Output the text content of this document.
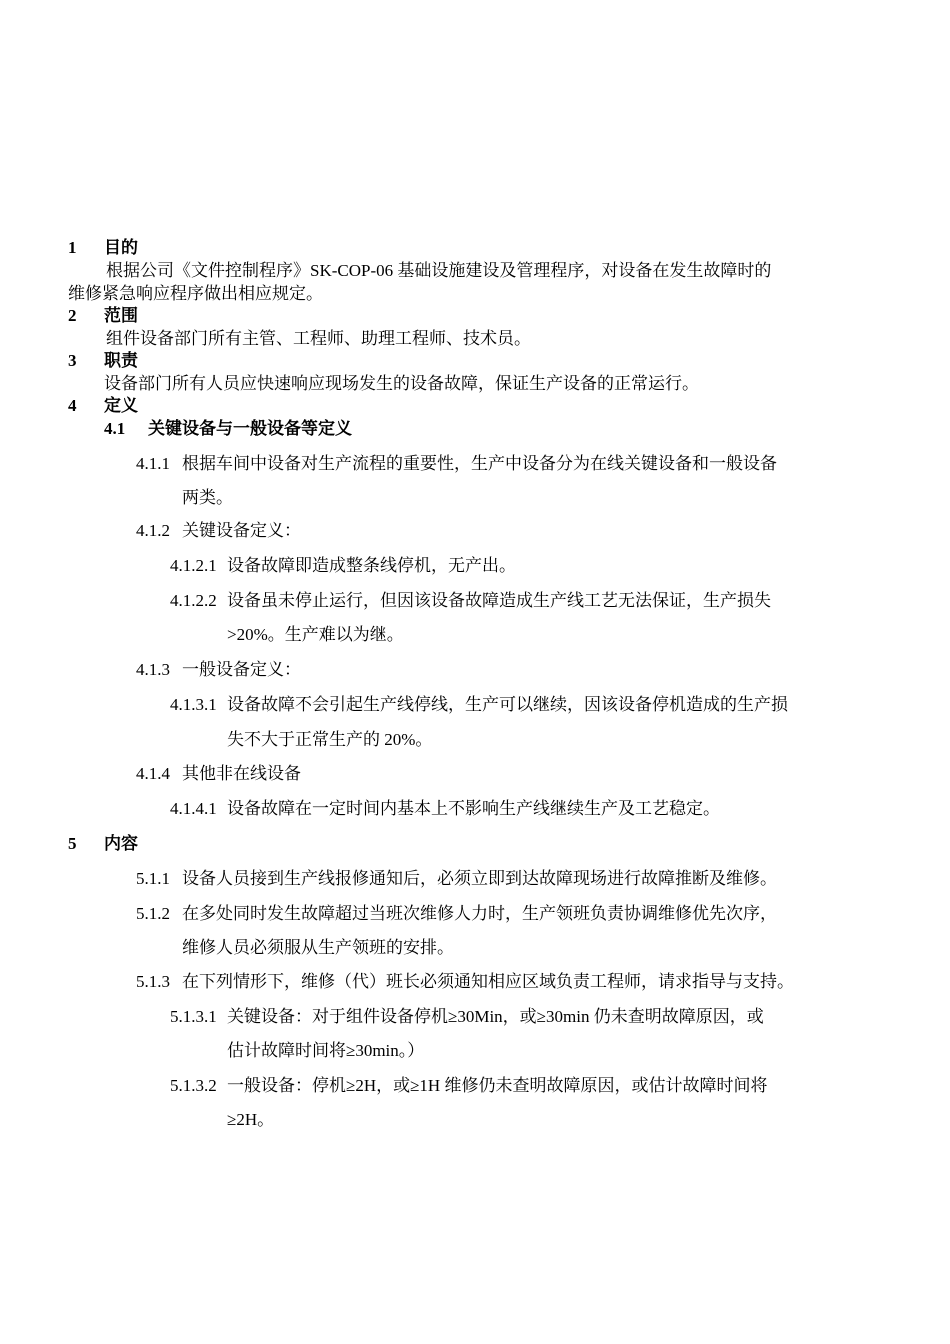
1 目的
根据公司《文件控制程序》SK-COP-06 基础设施建设及管理程序，对设备在发生故障时的
维修紧急响应程序做出相应规定。
2 范围
组件设备部门所有主管、工程师、助理工程师、技术员。
3 职责
设备部门所有人员应快速响应现场发生的设备故障，保证生产设备的正常运行。
4 定义
4.1 关键设备与一般设备等定义
4.1.1 根据车间中设备对生产流程的重要性，生产中设备分为在线关键设备和一般设备
两类。
4.1.2 关键设备定义：
4.1.2.1 设备故障即造成整条线停机，无产出。
4.1.2.2 设备虽未停止运行，但因该设备故障造成生产线工艺无法保证，生产损失
>20%。生产难以为继。
4.1.3 一般设备定义：
4.1.3.1 设备故障不会引起生产线停线，生产可以继续，因该设备停机造成的生产损
失不大于正常生产的 20%。
4.1.4 其他非在线设备
4.1.4.1 设备故障在一定时间内基本上不影响生产线继续生产及工艺稳定。
5 内容
5.1.1 设备人员接到生产线报修通知后，必须立即到达故障现场进行故障推断及维修。
5.1.2 在多处同时发生故障超过当班次维修人力时，生产领班负责协调维修优先次序，
维修人员必须服从生产领班的安排。
5.1.3 在下列情形下，维修（代）班长必须通知相应区域负责工程师，请求指导与支持。
5.1.3.1 关键设备：对于组件设备停机≥30Min，或≥30min 仍未查明故障原因，或
估计故障时间将≥30min。）
5.1.3.2 一般设备：停机≥2H，或≥1H 维修仍未查明故障原因，或估计故障时间将
≥2H。
